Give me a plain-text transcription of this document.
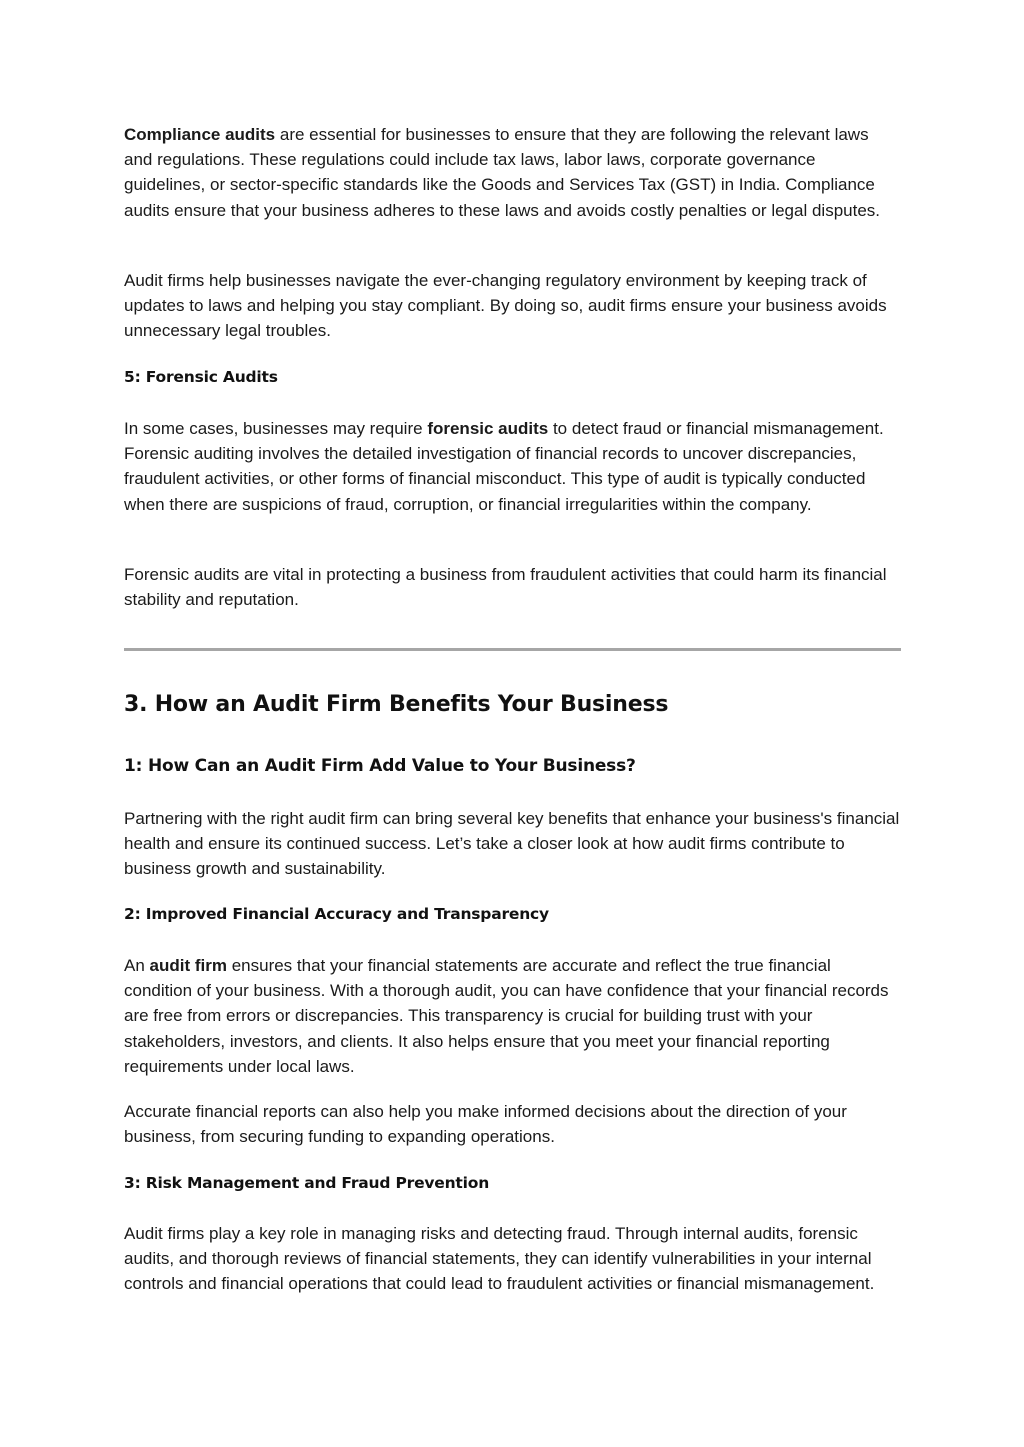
Compliance audits are essential for businesses to ensure that they are following the relevant laws and regulations. These regulations could include tax laws, labor laws, corporate governance guidelines, or sector-specific standards like the Goods and Services Tax (GST) in India. Compliance audits ensure that your business adheres to these laws and avoids costly penalties or legal disputes.

Audit firms help businesses navigate the ever-changing regulatory environment by keeping track of updates to laws and helping you stay compliant. By doing so, audit firms ensure your business avoids unnecessary legal troubles.

5: Forensic Audits

In some cases, businesses may require forensic audits to detect fraud or financial mismanagement. Forensic auditing involves the detailed investigation of financial records to uncover discrepancies, fraudulent activities, or other forms of financial misconduct. This type of audit is typically conducted when there are suspicions of fraud, corruption, or financial irregularities within the company.

Forensic audits are vital in protecting a business from fraudulent activities that could harm its financial stability and reputation.

3. How an Audit Firm Benefits Your Business
1: How Can an Audit Firm Add Value to Your Business?

Partnering with the right audit firm can bring several key benefits that enhance your business's financial health and ensure its continued success. Let’s take a closer look at how audit firms contribute to business growth and sustainability.

2: Improved Financial Accuracy and Transparency

An audit firm ensures that your financial statements are accurate and reflect the true financial condition of your business. With a thorough audit, you can have confidence that your financial records are free from errors or discrepancies. This transparency is crucial for building trust with your stakeholders, investors, and clients. It also helps ensure that you meet your financial reporting requirements under local laws.

Accurate financial reports can also help you make informed decisions about the direction of your business, from securing funding to expanding operations.

3: Risk Management and Fraud Prevention

Audit firms play a key role in managing risks and detecting fraud. Through internal audits, forensic audits, and thorough reviews of financial statements, they can identify vulnerabilities in your internal controls and financial operations that could lead to fraudulent activities or financial mismanagement.
